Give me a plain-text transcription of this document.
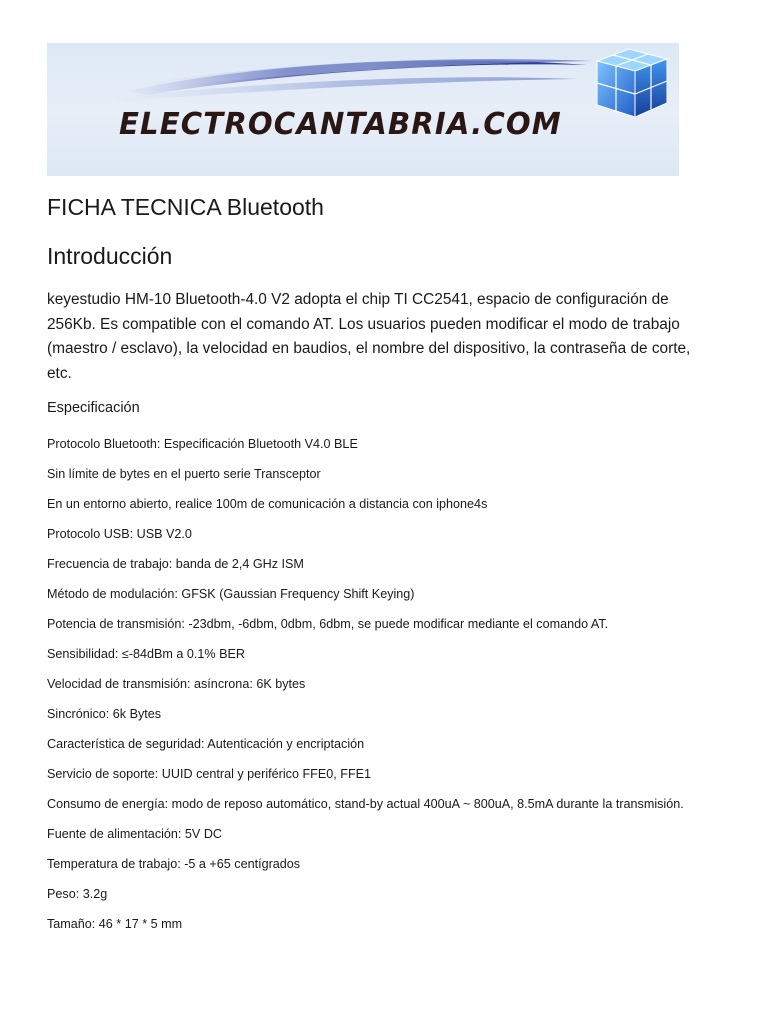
ELECTROCANTABRIA.COM
FICHA TECNICA Bluetooth
Introducción

keyestudio HM-10 Bluetooth-4.0 V2 adopta el chip TI CC2541, espacio de configuración de 256Kb. Es compatible con el comando AT. Los usuarios pueden modificar el modo de trabajo (maestro / esclavo), la velocidad en baudios, el nombre del dispositivo, la contraseña de corte, etc.

Especificación
Protocolo Bluetooth: Especificación Bluetooth V4.0 BLE
Sin límite de bytes en el puerto serie Transceptor
En un entorno abierto, realice 100m de comunicación a distancia con iphone4s
Protocolo USB: USB V2.0
Frecuencia de trabajo: banda de 2,4 GHz ISM
Método de modulación: GFSK (Gaussian Frequency Shift Keying)
Potencia de transmisión: -23dbm, -6dbm, 0dbm, 6dbm, se puede modificar mediante el comando AT.
Sensibilidad: ≤-84dBm a 0.1% BER
Velocidad de transmisión: asíncrona: 6K bytes
Sincrónico: 6k Bytes
Característica de seguridad: Autenticación y encriptación
Servicio de soporte: UUID central y periférico FFE0, FFE1
Consumo de energía: modo de reposo automático, stand-by actual 400uA ~ 800uA, 8.5mA durante la transmisión.
Fuente de alimentación: 5V DC
Temperatura de trabajo: -5 a +65 centígrados
Peso: 3.2g
Tamaño: 46 * 17 * 5 mm
